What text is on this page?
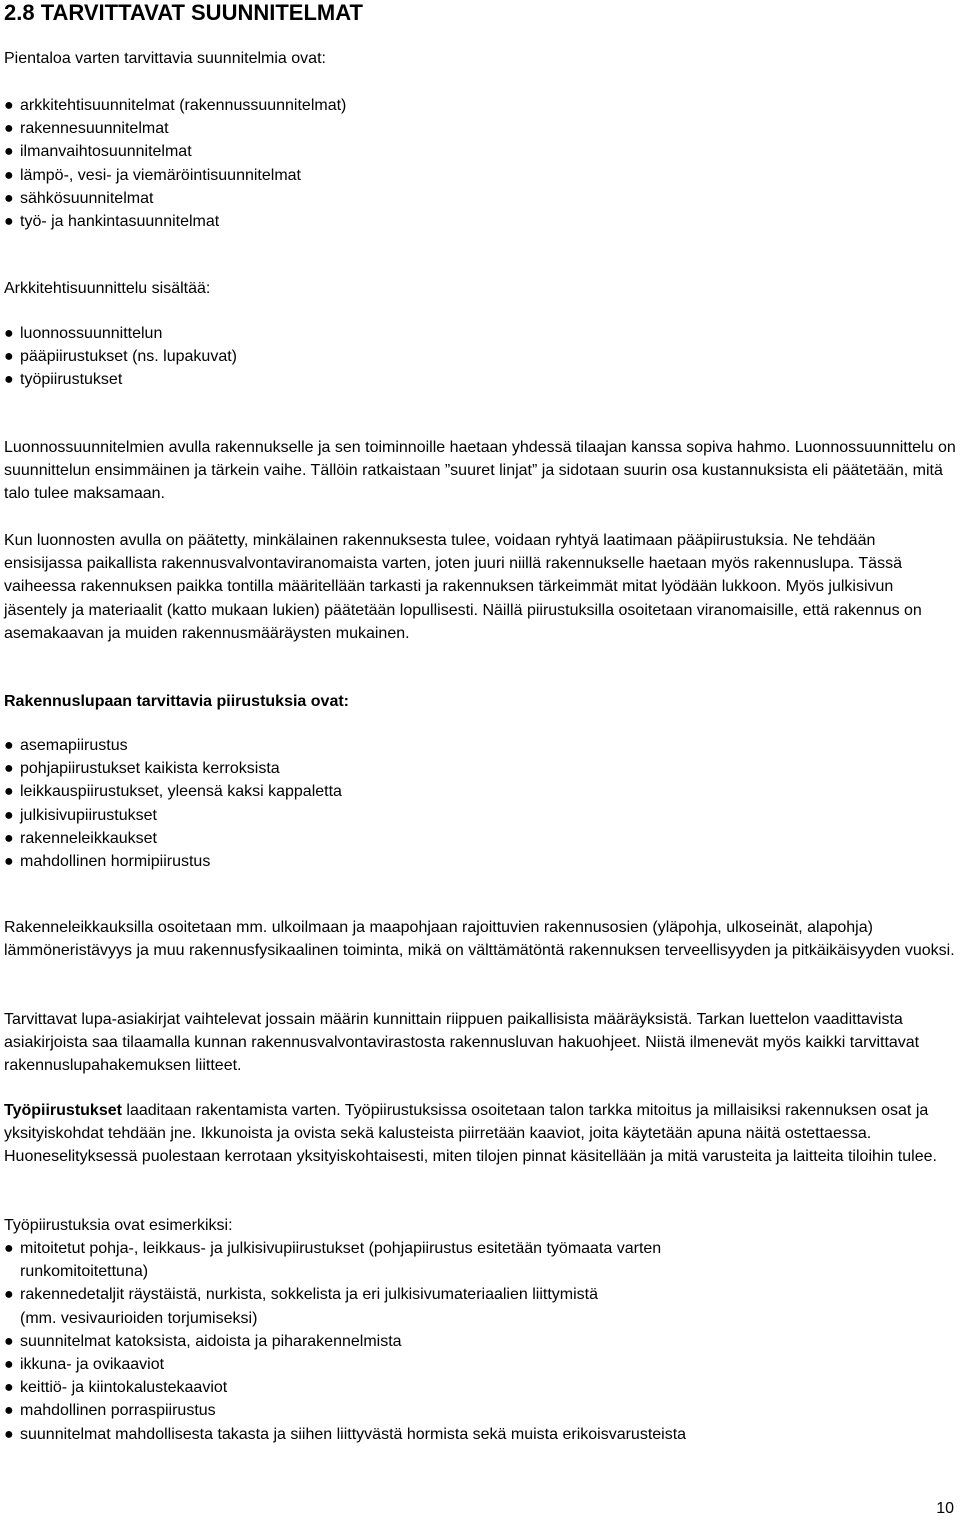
2.8 TARVITTAVAT SUUNNITELMAT

Pientaloa varten tarvittavia suunnitelmia ovat:

● arkkitehtisuunnitelmat (rakennussuunnitelmat)
● rakennesuunnitelmat
● ilmanvaihtosuunnitelmat
● lämpö-, vesi- ja viemäröintisuunnitelmat
● sähkösuunnitelmat
● työ- ja hankintasuunnitelmat

Arkkitehtisuunnittelu sisältää:

● luonnossuunnittelun
● pääpiirustukset (ns. lupakuvat)
● työpiirustukset

Luonnossuunnitelmien avulla rakennukselle ja sen toiminnoille haetaan yhdessä tilaajan kanssa sopiva hahmo. Luonnossuunnittelu on suunnittelun ensimmäinen ja tärkein vaihe. Tällöin ratkaistaan ”suuret linjat” ja sidotaan suurin osa kustannuksista eli päätetään, mitä talo tulee maksamaan.

Kun luonnosten avulla on päätetty, minkälainen rakennuksesta tulee, voidaan ryhtyä laatimaan pääpiirustuksia. Ne tehdään ensisijassa paikallista rakennusvalvontaviranomaista varten, joten juuri niillä rakennukselle haetaan myös rakennuslupa. Tässä vaiheessa rakennuksen paikka tontilla määritellään tarkasti ja rakennuksen tärkeimmät mitat lyödään lukkoon. Myös julkisivun jäsentely ja materiaalit (katto mukaan lukien) päätetään lopullisesti. Näillä piirustuksilla osoitetaan viranomaisille, että rakennus on asemakaavan ja muiden rakennusmääräysten mukainen.

Rakennuslupaan tarvittavia piirustuksia ovat:

● asemapiirustus
● pohjapiirustukset kaikista kerroksista
● leikkauspiirustukset, yleensä kaksi kappaletta
● julkisivupiirustukset
● rakenneleikkaukset
● mahdollinen hormipiirustus

Rakenneleikkauksilla osoitetaan mm. ulkoilmaan ja maapohjaan rajoittuvien rakennusosien (yläpohja, ulkoseinät, alapohja) lämmöneristävyys ja muu rakennusfysikaalinen toiminta, mikä on välttämätöntä rakennuksen terveellisyyden ja pitkäikäisyyden vuoksi.

Tarvittavat lupa-asiakirjat vaihtelevat jossain määrin kunnittain riippuen paikallisista määräyksistä. Tarkan luettelon vaadittavista asiakirjoista saa tilaamalla kunnan rakennusvalvontavirastosta rakennusluvan hakuohjeet. Niistä ilmenevät myös kaikki tarvittavat rakennuslupahakemuksen liitteet.

Työpiirustukset laaditaan rakentamista varten. Työpiirustuksissa osoitetaan talon tarkka mitoitus ja millaisiksi rakennuksen osat ja yksityiskohdat tehdään jne. Ikkunoista ja ovista sekä kalusteista piirretään kaaviot, joita käytetään apuna näitä ostettaessa. Huoneselityksessä puolestaan kerrotaan yksityiskohtaisesti, miten tilojen pinnat käsitellään ja mitä varusteita ja laitteita tiloihin tulee.

Työpiirustuksia ovat esimerkiksi:

● mitoitetut pohja-, leikkaus- ja julkisivupiirustukset (pohjapiirustus esitetään työmaata varten
runkomitoitettuna)
● rakennedetaljit räystäistä, nurkista, sokkelista ja eri julkisivumateriaalien liittymistä
(mm. vesivaurioiden torjumiseksi)
● suunnitelmat katoksista, aidoista ja piharakennelmista
● ikkuna- ja ovikaaviot
● keittiö- ja kiintokalustekaaviot
● mahdollinen porraspiirustus
● suunnitelmat mahdollisesta takasta ja siihen liittyvästä hormista sekä muista erikoisvarusteista
10
